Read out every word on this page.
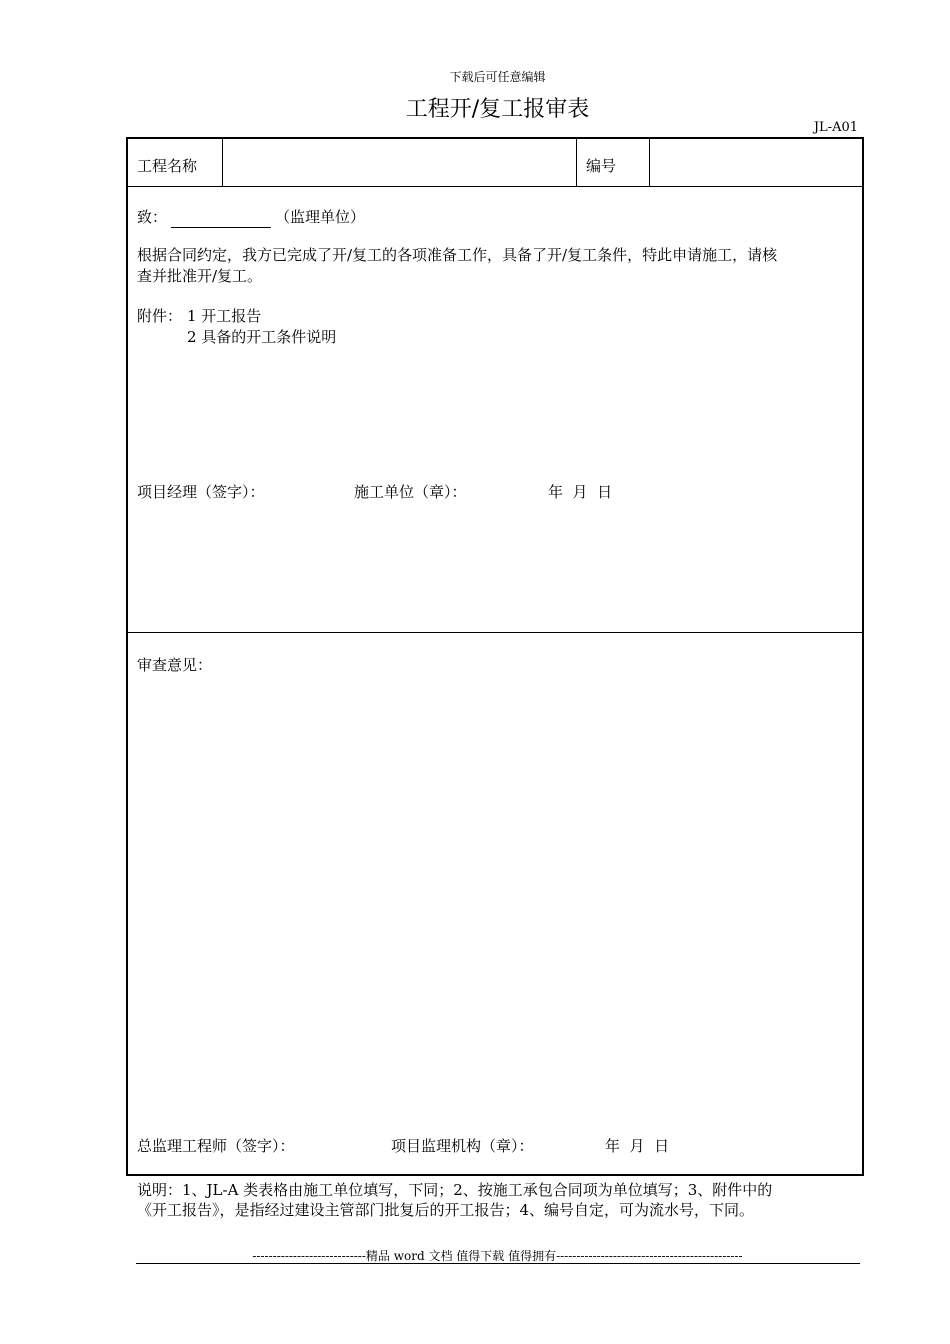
下载后可任意编辑
工程开/复工报审表
JL-A01
工程名称	编号
致：	（监理单位）
根据合同约定，我方已完成了开/复工的各项准备工作，具备了开/复工条件，特此申请施工，请核
查并批准开/复工。
附件： 1 开工报告
2 具备的开工条件说明
项目经理（签字）：	施工单位（章）：	年  月  日
审查意见：
总监理工程师（签字）：	项目监理机构（章）：	年  月  日
说明：1、JL-A 类表格由施工单位填写，下同；2、按施工承包合同项为单位填写；3、附件中的
《开工报告》，是指经过建设主管部门批复后的开工报告；4、编号自定，可为流水号，下同。
----------------------------精品 word 文档 值得下载 值得拥有----------------------------------------------
